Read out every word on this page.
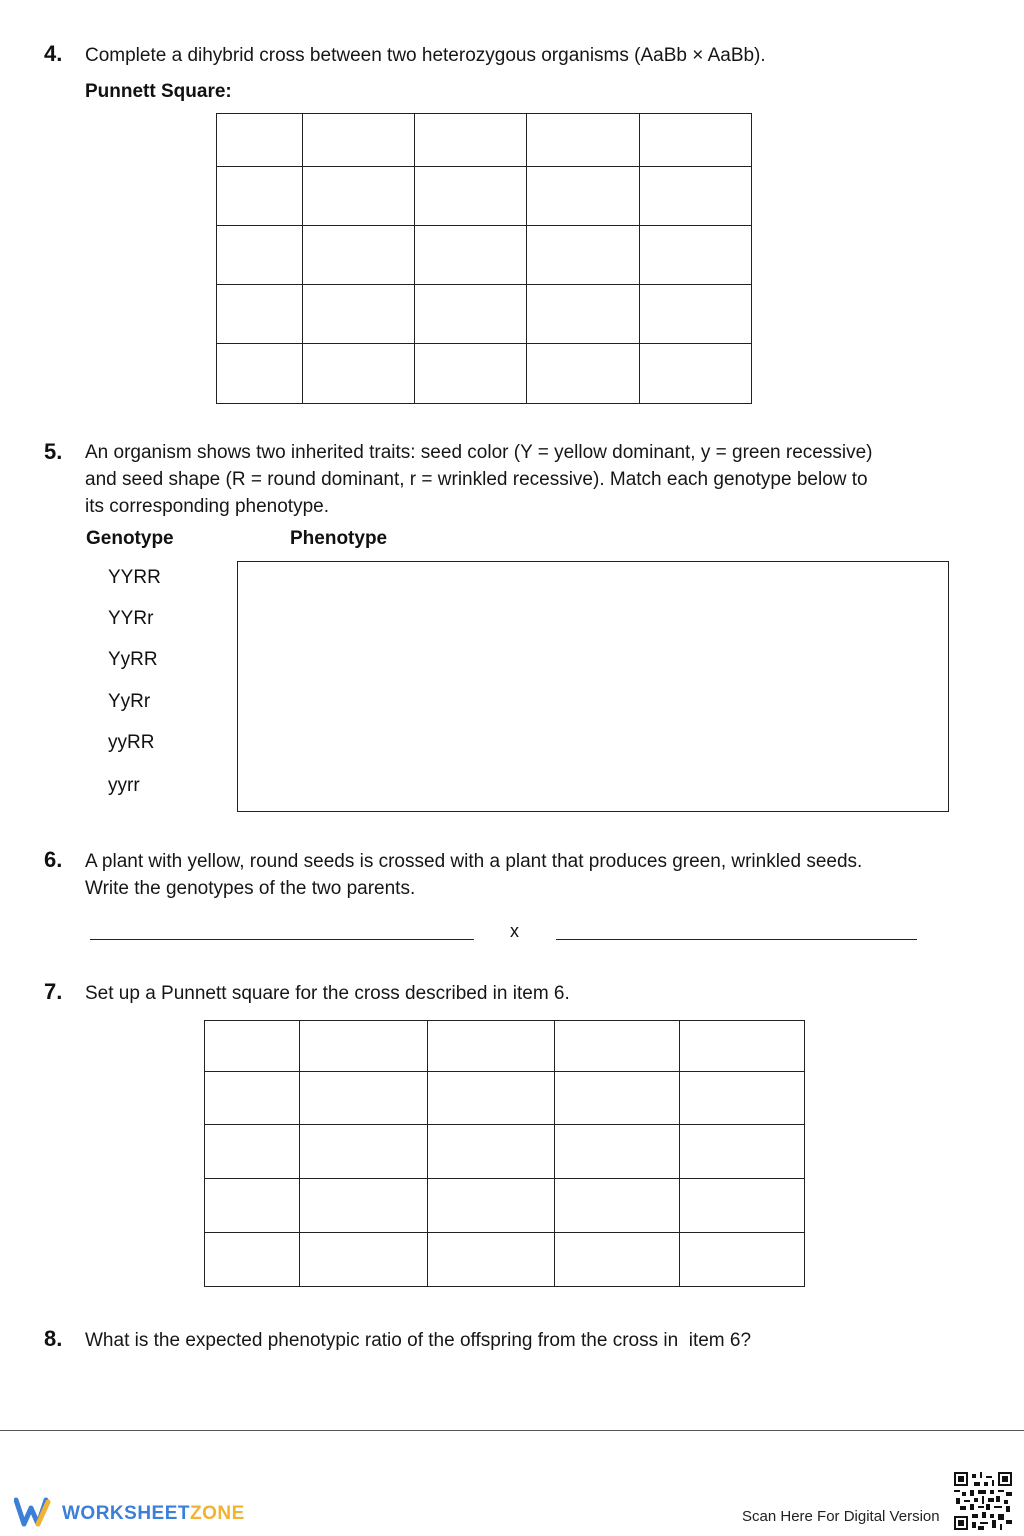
4. Complete a dihybrid cross between two heterozygous organisms (AaBb × AaBb).
Punnett Square:

5. An organism shows two inherited traits: seed color (Y = yellow dominant, y = green recessive)
and seed shape (R = round dominant, r = wrinkled recessive). Match each genotype below to
its corresponding phenotype.
Genotype	Phenotype
YYRR
YYRr
YyRR
YyRr
yyRR
yyrr
6. A plant with yellow, round seeds is crossed with a plant that produces green, wrinkled seeds.
Write the genotypes of the two parents.
x
7. Set up a Punnett square for the cross described in item 6.

8. What is the expected phenotypic ratio of the offspring from the cross in  item 6?
WORKSHEETZONE	Scan Here For Digital Version
